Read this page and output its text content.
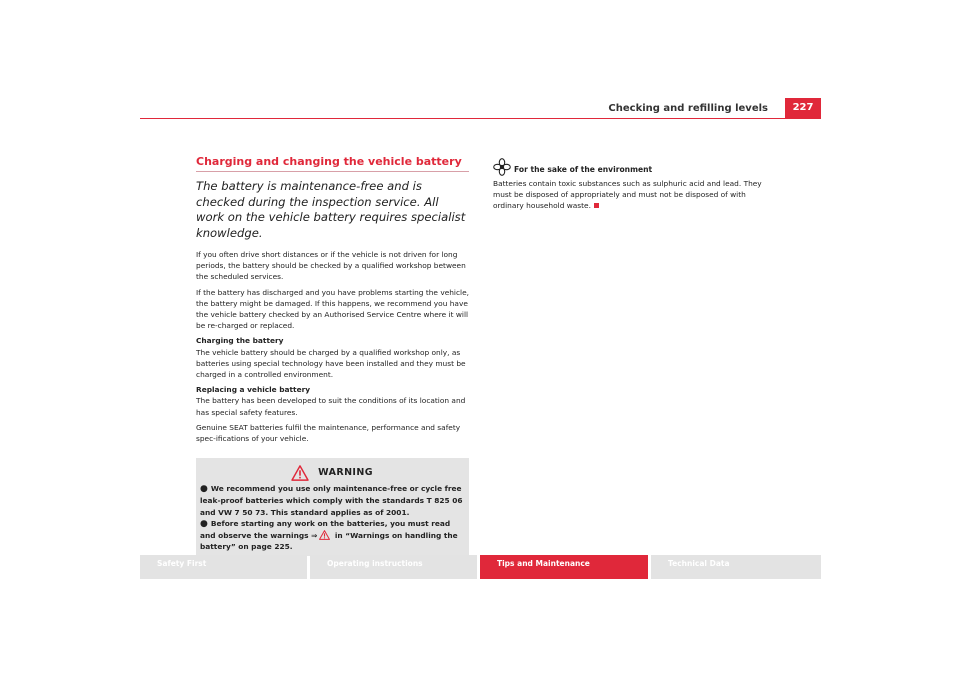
Checking and refilling levels	227
Charging and changing the vehicle battery
The battery is maintenance-free and is checked during the inspection service. All work on the vehicle battery requires specialist knowledge.
If you often drive short distances or if the vehicle is not driven for long periods, the battery should be checked by a qualified workshop between the scheduled services.
If the battery has discharged and you have problems starting the vehicle, the battery might be damaged. If this happens, we recommend you have the vehicle battery checked by an Authorised Service Centre where it will be re-charged or replaced.
Charging the battery
The vehicle battery should be charged by a qualified workshop only, as batteries using special technology have been installed and they must be charged in a controlled environment.
Replacing a vehicle battery
The battery has been developed to suit the conditions of its location and has special safety features.
Genuine SEAT batteries fulfil the maintenance, performance and safety spec-ifications of your vehicle.
WARNING
● We recommend you use only maintenance-free or cycle free leak-proof batteries which comply with the standards T 825 06 and VW 7 50 73. This standard applies as of 2001.
● Before starting any work on the batteries, you must read and observe the warnings ⇒ in “Warnings on handling the battery” on page 225.
For the sake of the environment
Batteries contain toxic substances such as sulphuric acid and lead. They must be disposed of appropriately and must not be disposed of with ordinary household waste.
Safety First	Operating instructions	Tips and Maintenance	Technical Data
